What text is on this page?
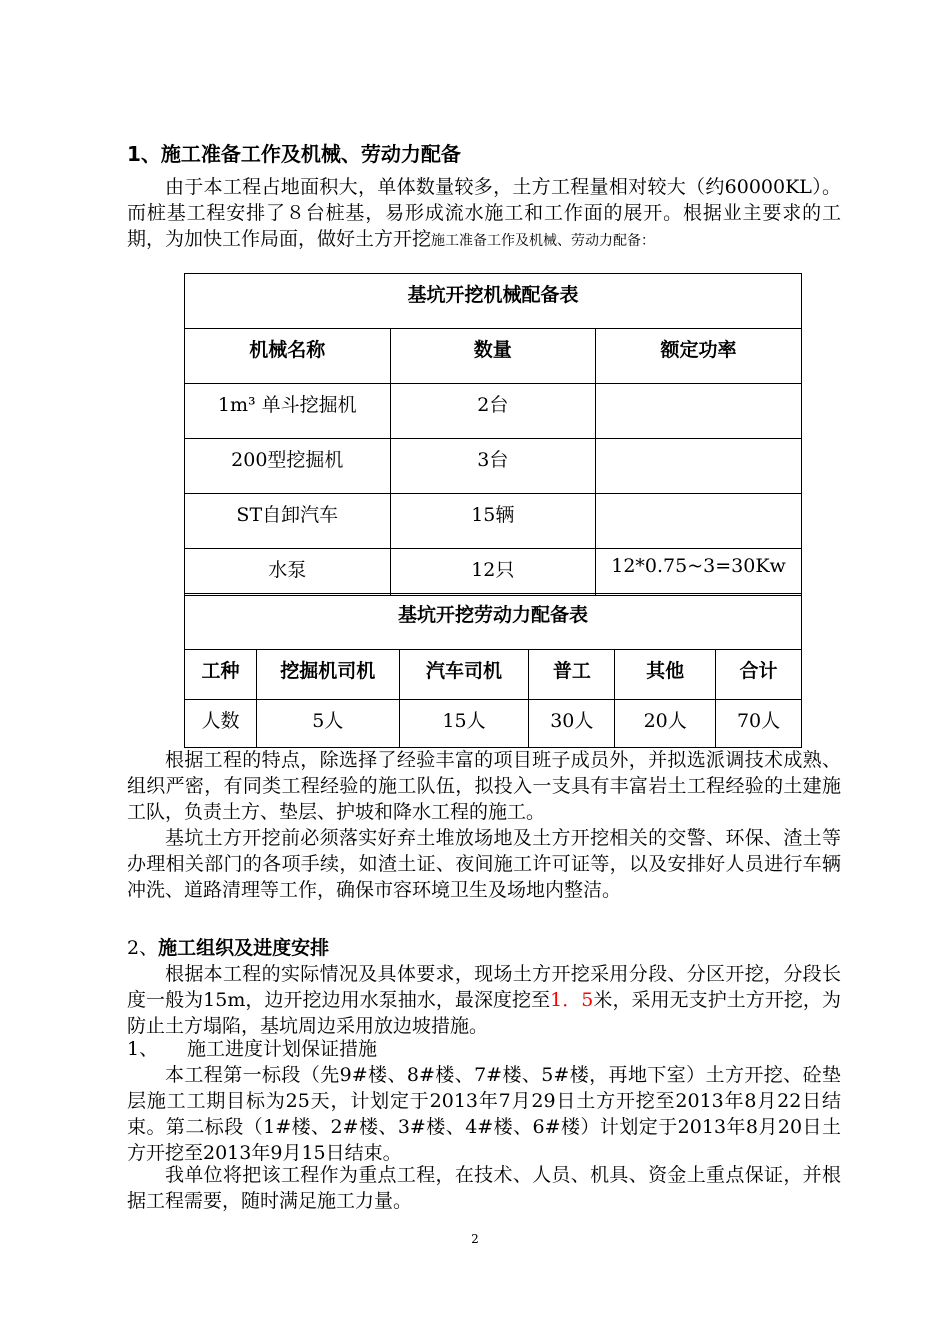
1、施工准备工作及机械、劳动力配备
由于本工程占地面积大，单体数量较多，土方工程量相对较大（约60000KL）。而桩基工程安排了８台桩基，易形成流水施工和工作面的展开。根据业主要求的工期，为加快工作局面，做好土方开挖施工准备工作及机械、劳动力配备：
基坑开挖机械配备表		

机械名称	数量	额定功率

1m³ 单斗挖掘机	2台	

200型挖掘机	3台	

ST自卸汽车	15辆	

水泵	12只	12*0.75~3=30Kw
基坑开挖劳动力配备表					

工种	挖掘机司机	汽车司机	普工	其他	合计

人数	5人	15人	30人	20人	70人
根据工程的特点，除选择了经验丰富的项目班子成员外，并拟选派调技术成熟、组织严密，有同类工程经验的施工队伍，拟投入一支具有丰富岩土工程经验的土建施工队，负责土方、垫层、护坡和降水工程的施工。
基坑土方开挖前必须落实好弃土堆放场地及土方开挖相关的交警、环保、渣土等办理相关部门的各项手续，如渣土证、夜间施工许可证等，以及安排好人员进行车辆冲洗、道路清理等工作，确保市容环境卫生及场地内整洁。
2、施工组织及进度安排
根据本工程的实际情况及具体要求，现场土方开挖采用分段、分区开挖，分段长度一般为15m，边开挖边用水泵抽水，最深度挖至1．5米，采用无支护土方开挖，为防止土方塌陷，基坑周边采用放边坡措施。
1、 施工进度计划保证措施
本工程第一标段（先9#楼、8#楼、7#楼、5#楼，再地下室）土方开挖、砼垫层施工工期目标为25天，计划定于2013年7月29日土方开挖至2013年8月22日结束。第二标段（1#楼、2#楼、3#楼、4#楼、6#楼）计划定于2013年8月20日土方开挖至2013年9月15日结束。
我单位将把该工程作为重点工程，在技术、人员、机具、资金上重点保证，并根据工程需要，随时满足施工力量。
2
